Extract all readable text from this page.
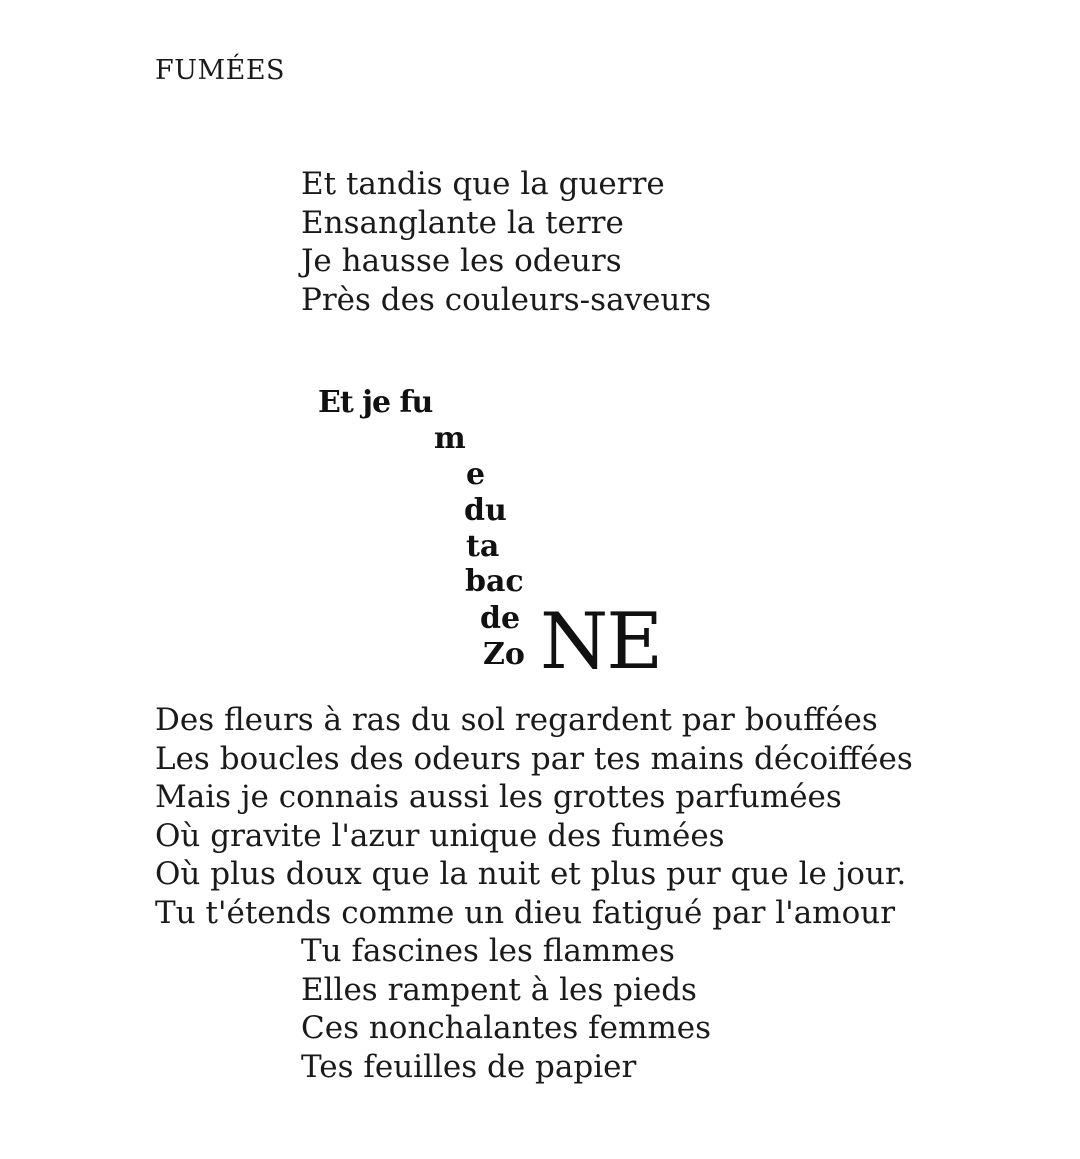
FUMÉES
Et tandis que la guerre
Ensanglante la terre
Je hausse les odeurs
Près des couleurs-saveurs
Et je fu
m
e
du
ta
bac
de
Zo NE
Des fleurs à ras du sol regardent par bouffées
Les boucles des odeurs par tes mains décoiffées
Mais je connais aussi les grottes parfumées
Où gravite l'azur unique des fumées
Où plus doux que la nuit et plus pur que le jour.
Tu t'étends comme un dieu fatigué par l'amour
Tu fascines les flammes
Elles rampent à les pieds
Ces nonchalantes femmes
Tes feuilles de papier
